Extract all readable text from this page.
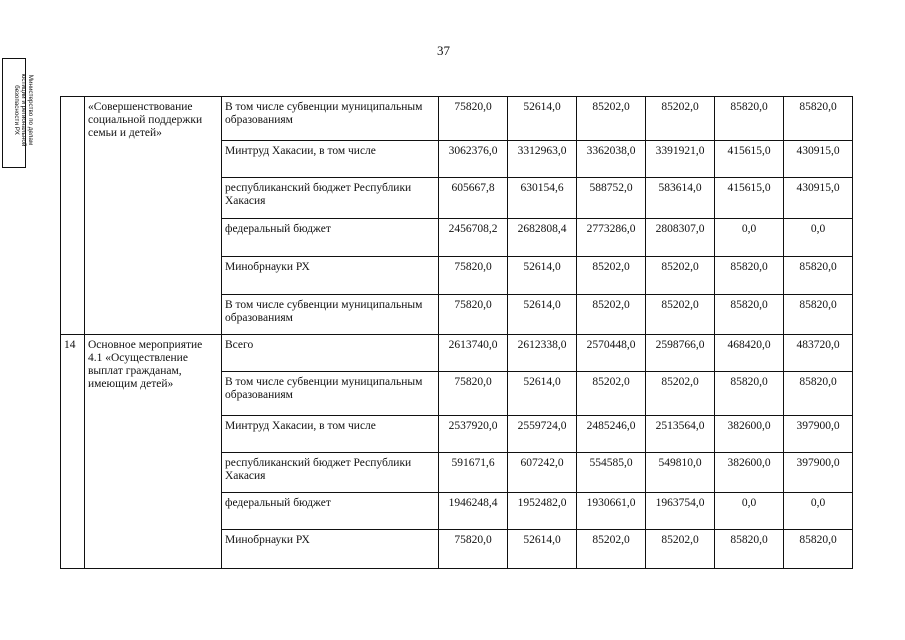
37
Министерство по делам
юстиции и региональной
безопасности РХ
		«Совершенствование социальной поддержки семьи и детей»	В том числе субвенции муниципальным образованиям	75820,0	52614,0	85202,0	85202,0	85820,0	85820,0
		Минтруд Хакасии, в том числе	3062376,0	3312963,0	3362038,0	3391921,0	415615,0	430915,0
		республиканский бюджет Республики Хакасия	605667,8	630154,6	588752,0	583614,0	415615,0	430915,0
		федеральный бюджет	2456708,2	2682808,4	2773286,0	2808307,0	0,0	0,0
		Минобрнауки РХ	75820,0	52614,0	85202,0	85202,0	85820,0	85820,0
		В том числе субвенции муниципальным образованиям	75820,0	52614,0	85202,0	85202,0	85820,0	85820,0
14	Основное мероприятие 4.1 «Осуществление выплат гражданам, имеющим детей»	Всего	2613740,0	2612338,0	2570448,0	2598766,0	468420,0	483720,0
		В том числе субвенции муниципальным образованиям	75820,0	52614,0	85202,0	85202,0	85820,0	85820,0
		Минтруд Хакасии, в том числе	2537920,0	2559724,0	2485246,0	2513564,0	382600,0	397900,0
		республиканский бюджет Республики Хакасия	591671,6	607242,0	554585,0	549810,0	382600,0	397900,0
		федеральный бюджет	1946248,4	1952482,0	1930661,0	1963754,0	0,0	0,0
		Минобрнауки РХ	75820,0	52614,0	85202,0	85202,0	85820,0	85820,0
